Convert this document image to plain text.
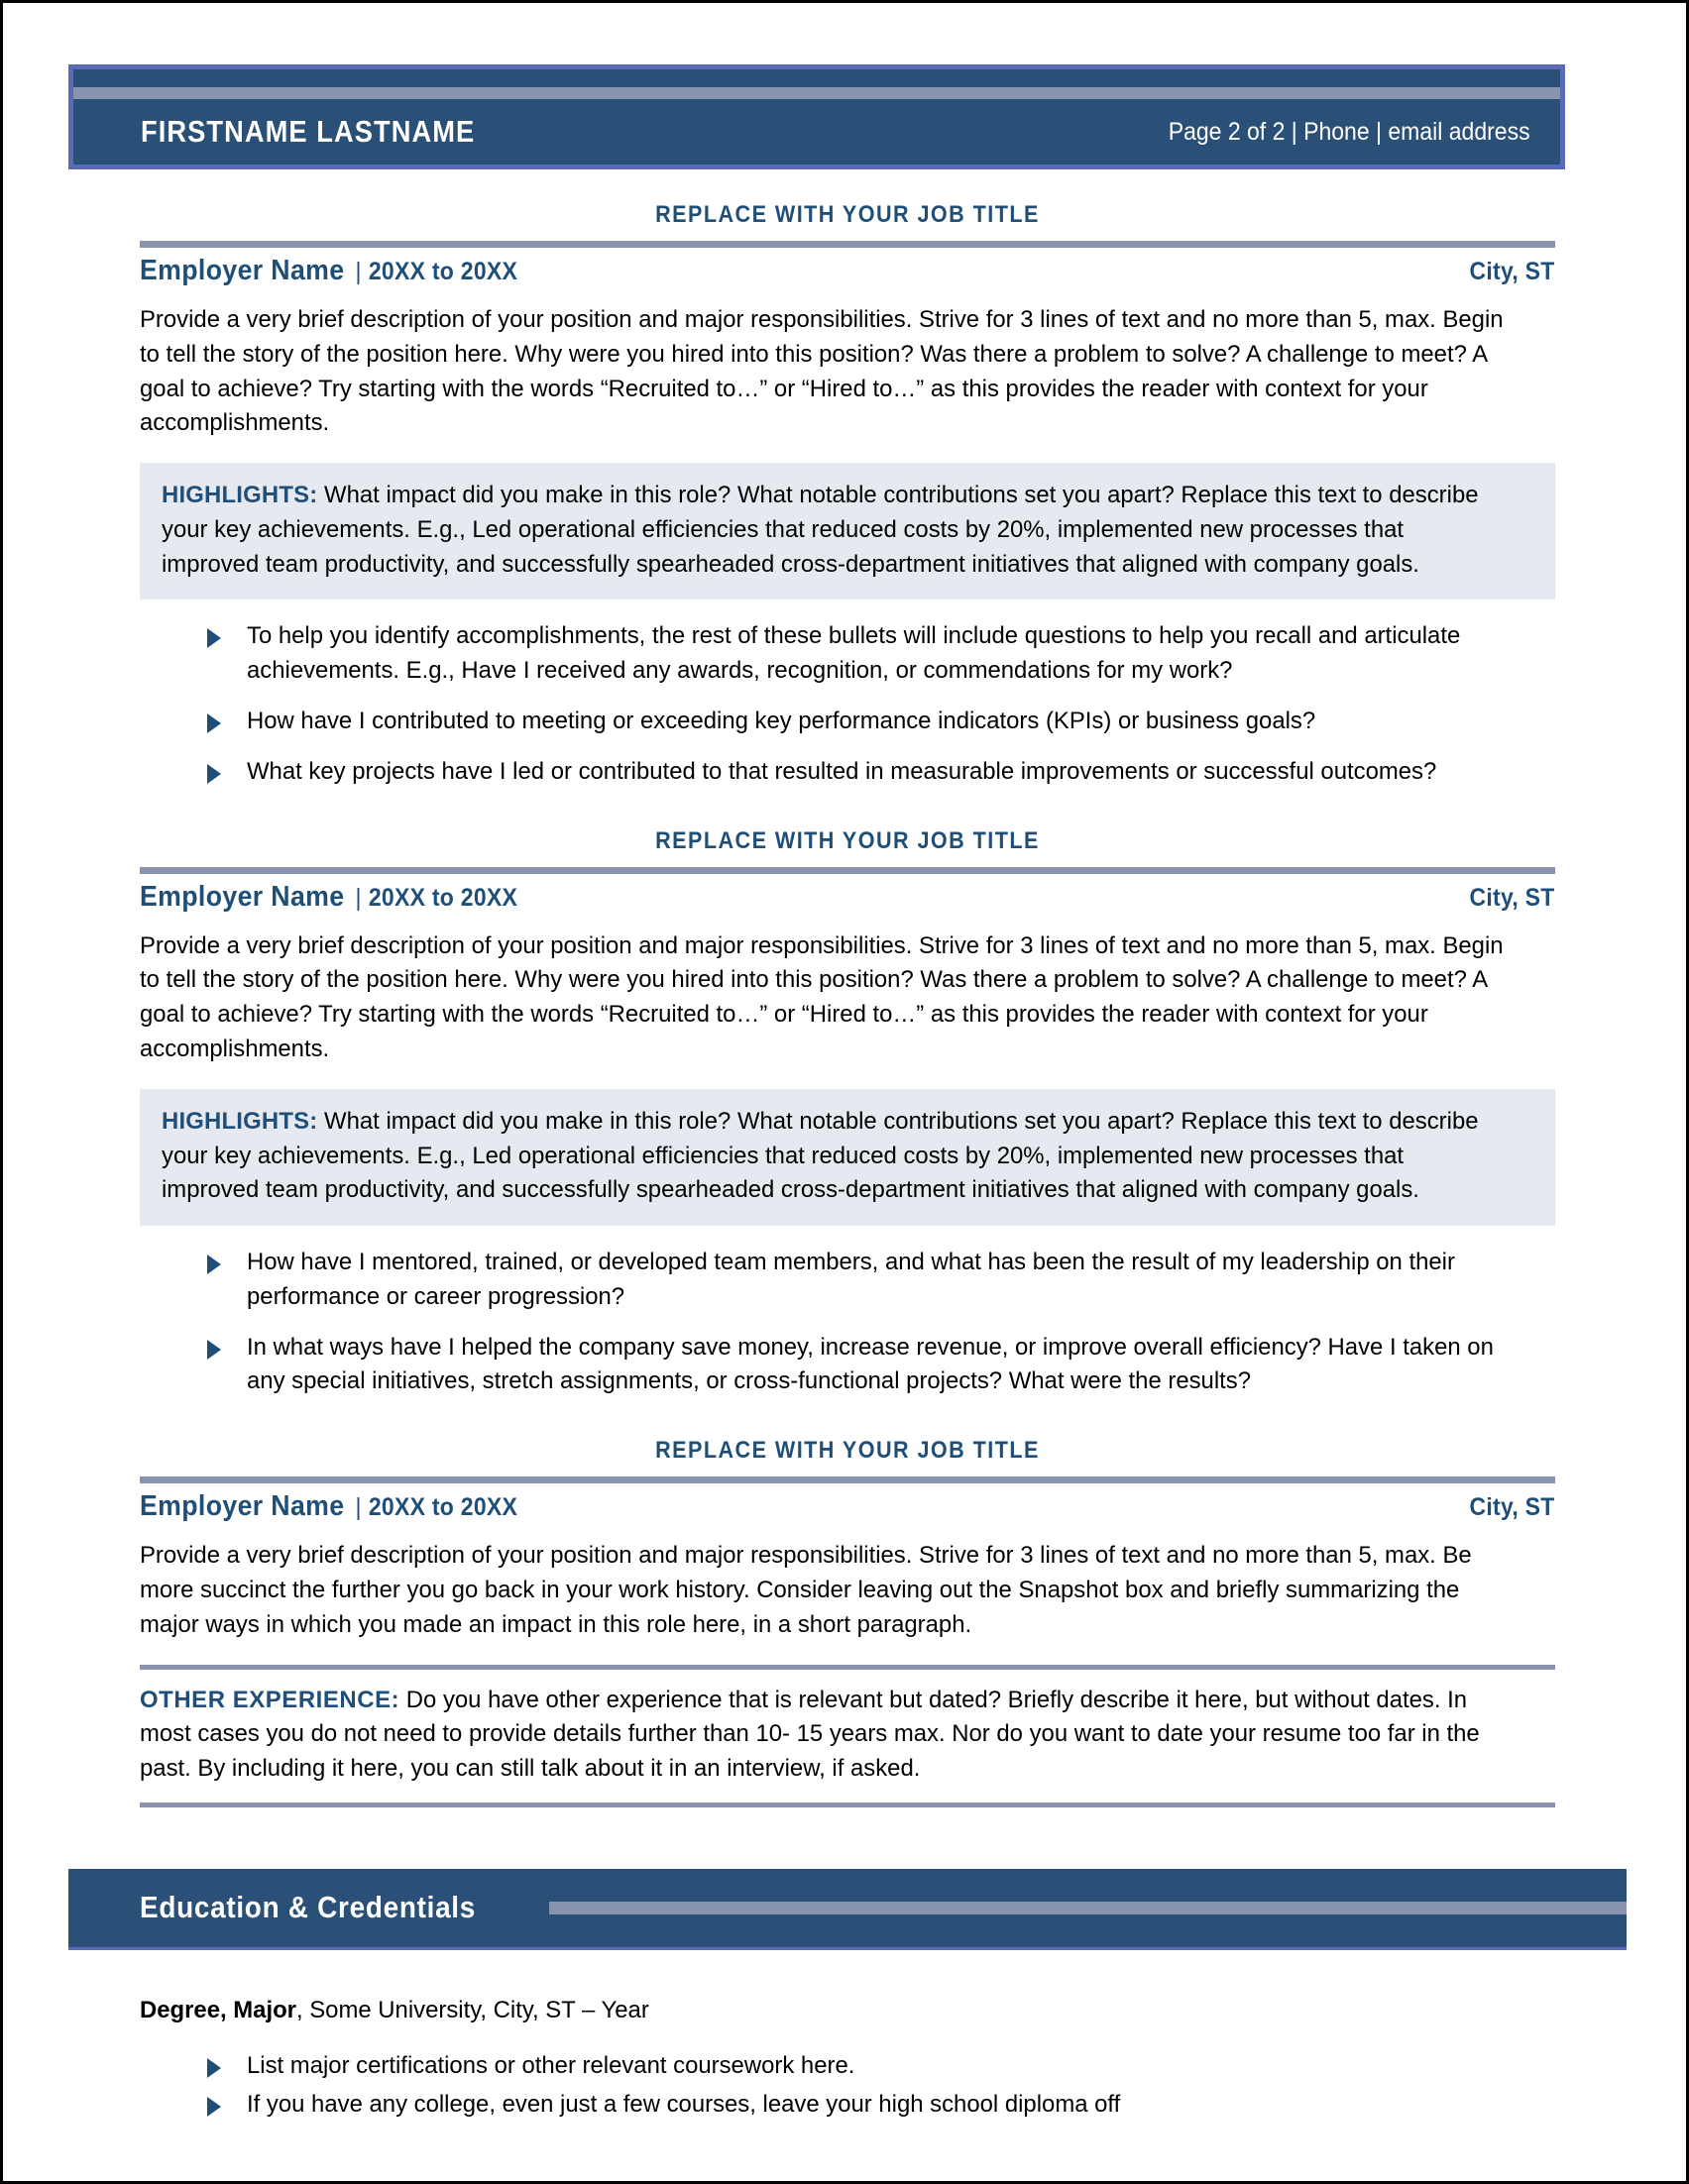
FIRSTNAME LASTNAME	Page 2 of 2 | Phone | email address
REPLACE WITH YOUR JOB TITLE
Employer Name | 20XX to 20XX	City, ST
Provide a very brief description of your position and major responsibilities. Strive for 3 lines of text and no more than 5, max. Begin to tell the story of the position here. Why were you hired into this position? Was there a problem to solve? A challenge to meet? A goal to achieve? Try starting with the words “Recruited to…” or “Hired to…” as this provides the reader with context for your accomplishments.
HIGHLIGHTS: What impact did you make in this role? What notable contributions set you apart? Replace this text to describe your key achievements. E.g., Led operational efficiencies that reduced costs by 20%, implemented new processes that improved team productivity, and successfully spearheaded cross-department initiatives that aligned with company goals.
To help you identify accomplishments, the rest of these bullets will include questions to help you recall and articulate achievements. E.g., Have I received any awards, recognition, or commendations for my work?
How have I contributed to meeting or exceeding key performance indicators (KPIs) or business goals?
What key projects have I led or contributed to that resulted in measurable improvements or successful outcomes?
REPLACE WITH YOUR JOB TITLE
Employer Name | 20XX to 20XX	City, ST
Provide a very brief description of your position and major responsibilities. Strive for 3 lines of text and no more than 5, max. Begin to tell the story of the position here. Why were you hired into this position? Was there a problem to solve? A challenge to meet? A goal to achieve? Try starting with the words “Recruited to…” or “Hired to…” as this provides the reader with context for your accomplishments.
HIGHLIGHTS: What impact did you make in this role? What notable contributions set you apart? Replace this text to describe your key achievements. E.g., Led operational efficiencies that reduced costs by 20%, implemented new processes that improved team productivity, and successfully spearheaded cross-department initiatives that aligned with company goals.
How have I mentored, trained, or developed team members, and what has been the result of my leadership on their performance or career progression?
In what ways have I helped the company save money, increase revenue, or improve overall efficiency? Have I taken on any special initiatives, stretch assignments, or cross-functional projects? What were the results?
REPLACE WITH YOUR JOB TITLE
Employer Name | 20XX to 20XX	City, ST
Provide a very brief description of your position and major responsibilities. Strive for 3 lines of text and no more than 5, max. Be more succinct the further you go back in your work history. Consider leaving out the Snapshot box and briefly summarizing the major ways in which you made an impact in this role here, in a short paragraph.
OTHER EXPERIENCE: Do you have other experience that is relevant but dated? Briefly describe it here, but without dates. In most cases you do not need to provide details further than 10- 15 years max. Nor do you want to date your resume too far in the past. By including it here, you can still talk about it in an interview, if asked.
Education & Credentials
Degree, Major, Some University, City, ST – Year
List major certifications or other relevant coursework here.
If you have any college, even just a few courses, leave your high school diploma off
